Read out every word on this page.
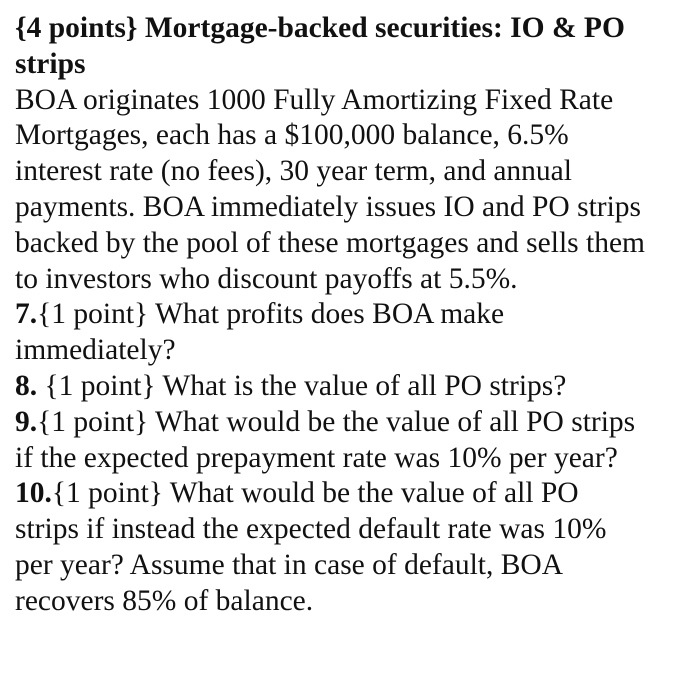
{4 points} Mortgage-backed securities: IO & PO
strips
BOA originates 1000 Fully Amortizing Fixed Rate
Mortgages, each has a $100,000 balance, 6.5%
interest rate (no fees), 30 year term, and annual
payments. BOA immediately issues IO and PO strips
backed by the pool of these mortgages and sells them
to investors who discount payoffs at 5.5%.
7.{1 point} What profits does BOA make
immediately?
8. {1 point} What is the value of all PO strips?
9.{1 point} What would be the value of all PO strips
if the expected prepayment rate was 10% per year?
10.{1 point} What would be the value of all PO
strips if instead the expected default rate was 10%
per year? Assume that in case of default, BOA
recovers 85% of balance.
